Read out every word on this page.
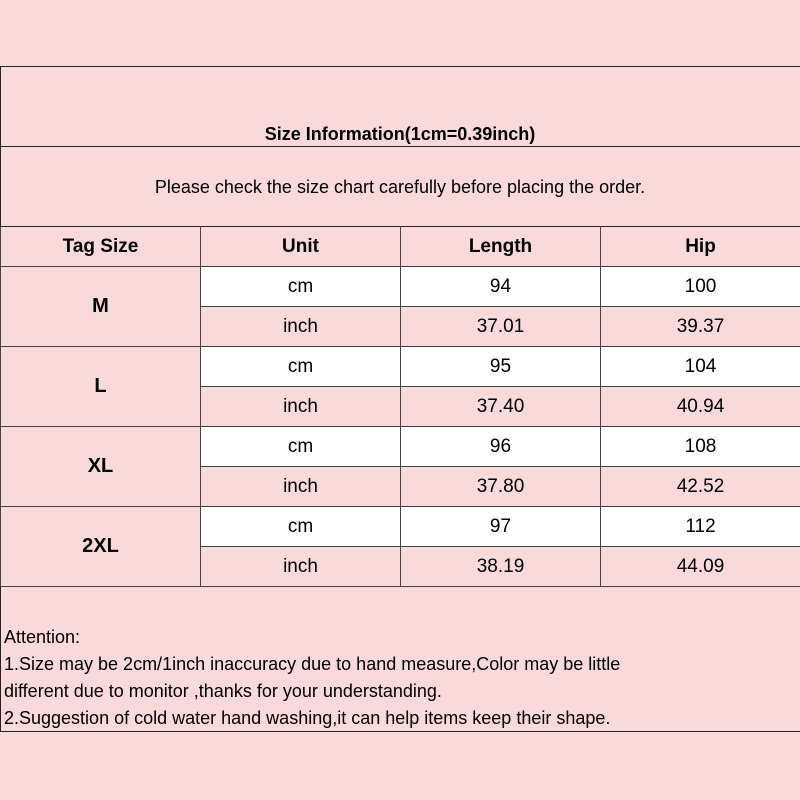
Size Information(1cm=0.39inch)
Please check the size chart carefully before placing the order.
Tag Size	Unit	Length	Hip
M	cm	94	100
	inch	37.01	39.37
L	cm	95	104
	inch	37.40	40.94
XL	cm	96	108
	inch	37.80	42.52
2XL	cm	97	112
	inch	38.19	44.09
Attention:
1.Size may be 2cm/1inch inaccuracy due to hand measure,Color may be little
different due to monitor ,thanks for your understanding.
2.Suggestion of cold water hand washing,it can help items keep their shape.
